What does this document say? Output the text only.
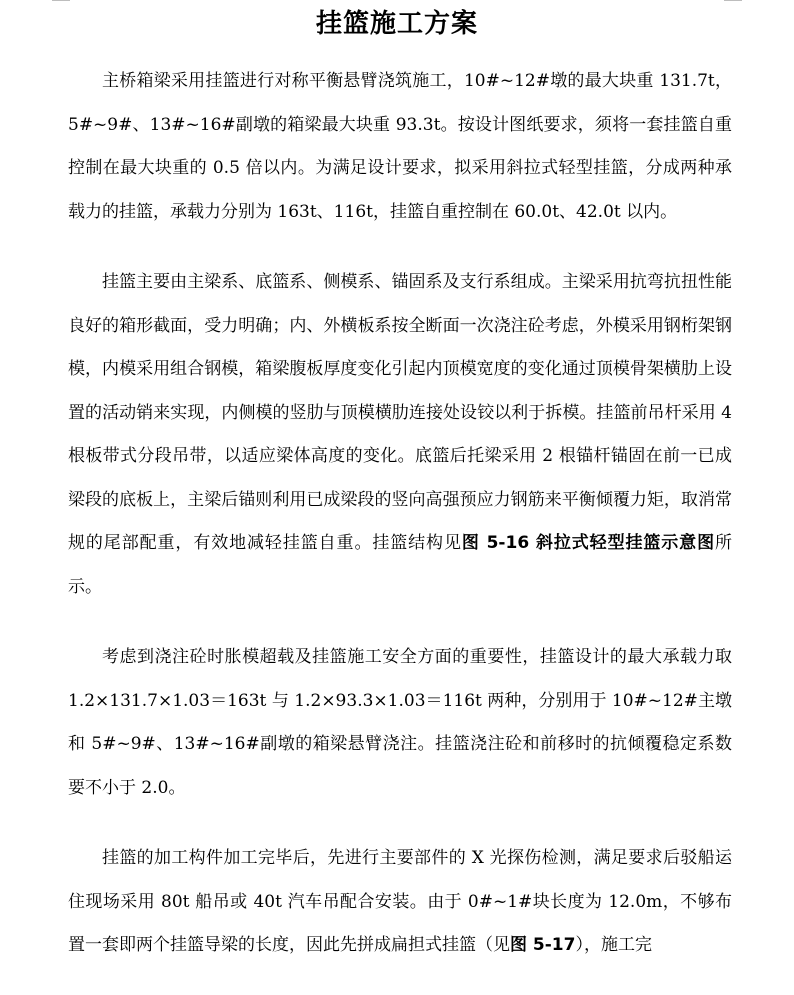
挂篮施工方案

主桥箱梁采用挂篮进行对称平衡悬臂浇筑施工，10#~12#墩的最大块重 131.7t，5#~9#、13#~16#副墩的箱梁最大块重 93.3t。按设计图纸要求，须将一套挂篮自重控制在最大块重的 0.5 倍以内。为满足设计要求，拟采用斜拉式轻型挂篮，分成两种承载力的挂篮，承载力分别为 163t、116t，挂篮自重控制在 60.0t、42.0t 以内。

挂篮主要由主梁系、底篮系、侧模系、锚固系及支行系组成。主梁采用抗弯抗扭性能良好的箱形截面，受力明确；内、外横板系按全断面一次浇注砼考虑，外模采用钢桁架钢模，内模采用组合钢模，箱梁腹板厚度变化引起内顶模宽度的变化通过顶模骨架横肋上设置的活动销来实现，内侧模的竖肋与顶模横肋连接处设铰以利于拆模。挂篮前吊杆采用 4 根板带式分段吊带，以适应梁体高度的变化。底篮后托梁采用 2 根锚杆锚固在前一已成梁段的底板上，主梁后锚则利用已成梁段的竖向高强预应力钢筋来平衡倾覆力矩，取消常规的尾部配重，有效地减轻挂篮自重。挂篮结构见图 5-16 斜拉式轻型挂篮示意图所示。

考虑到浇注砼时胀模超载及挂篮施工安全方面的重要性，挂篮设计的最大承载力取 1.2×131.7×1.03＝163t 与 1.2×93.3×1.03＝116t 两种，分别用于 10#~12#主墩和 5#~9#、13#~16#副墩的箱梁悬臂浇注。挂篮浇注砼和前移时的抗倾覆稳定系数要不小于 2.0。

挂篮的加工构件加工完毕后，先进行主要部件的 X 光探伤检测，满足要求后驳船运住现场采用 80t 船吊或 40t 汽车吊配合安装。由于 0#~1#块长度为 12.0m，不够布置一套即两个挂篮导梁的长度，因此先拼成扁担式挂篮（见图 5-17），施工完
